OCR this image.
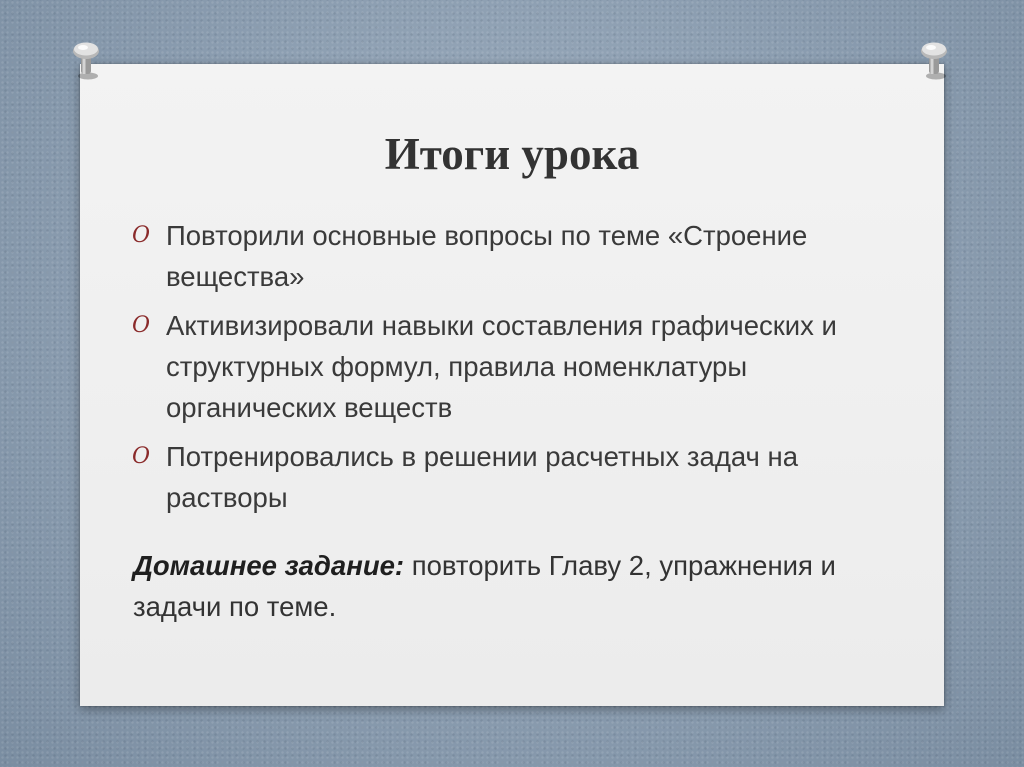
Итоги урока
O Повторили основные вопросы по теме «Строение вещества»
O Активизировали навыки составления графических и структурных формул, правила номенклатуры органических веществ
O Потренировались в решении расчетных задач на растворы

Домашнее задание: повторить Главу 2, упражнения и задачи по теме.
